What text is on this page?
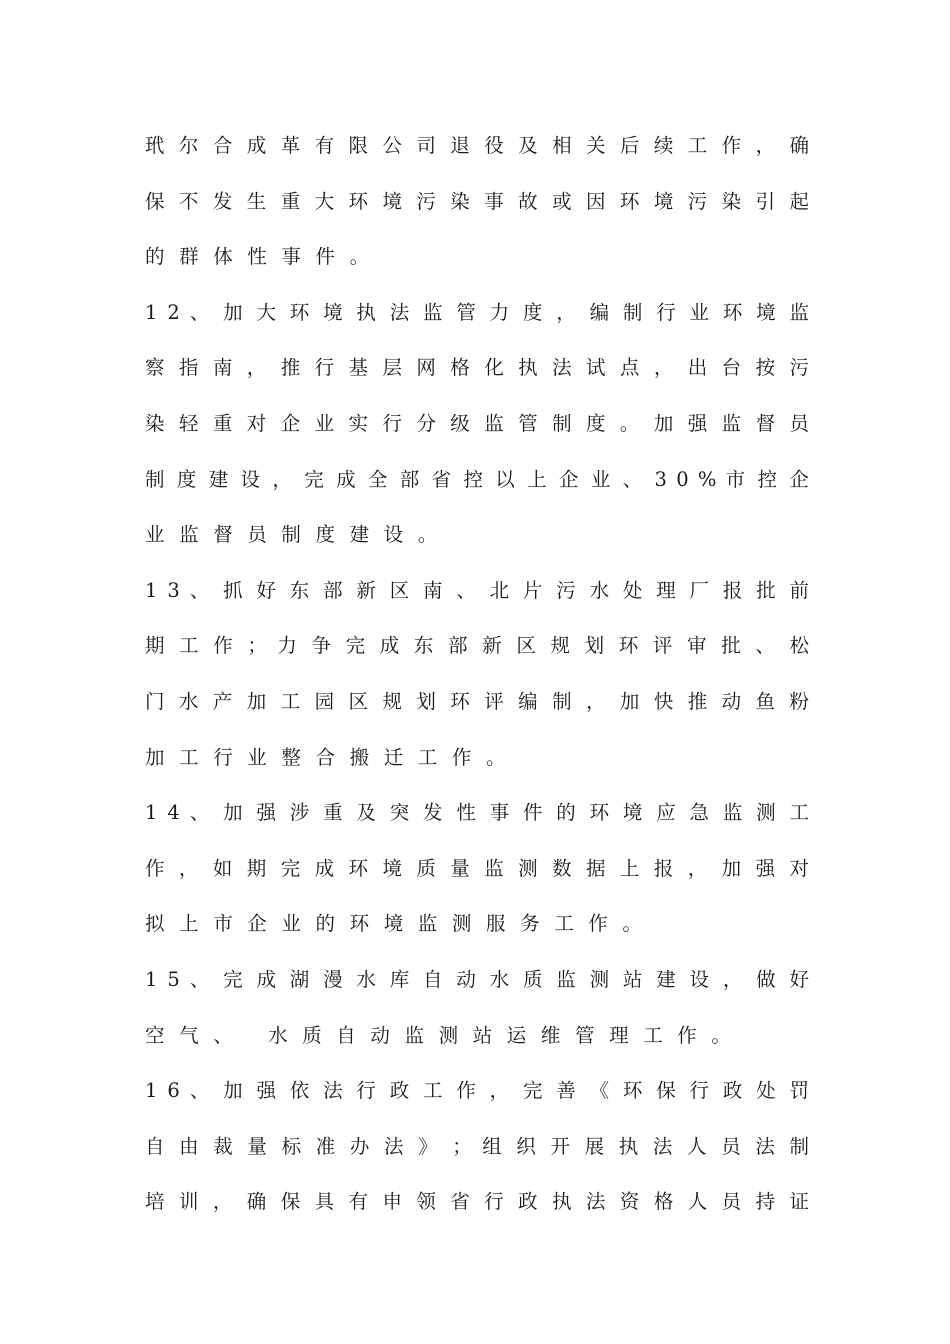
玳 尔 合 成 革 有 限 公 司 退 役 及 相 关 后 续 工 作 ， 确
保 不 发 生 重 大 环 境 污 染 事 故 或 因 环 境 污 染 引 起
的群体性事件。
1 2 、 加 大 环 境 执 法 监 管 力 度 ， 编 制 行 业 环 境 监
察 指 南 ， 推 行 基 层 网 格 化 执 法 试 点 ， 出 台 按 污
染 轻 重 对 企 业 实 行 分 级 监 管 制 度 。 加 强 监 督 员
制 度 建 设 ， 完 成 全 部 省 控 以 上 企 业 、 3 0 % 市 控 企
业监督员制度建设。
1 3 、 抓 好 东 部 新 区 南 、 北 片 污 水 处 理 厂 报 批 前
期 工 作 ； 力 争 完 成 东 部 新 区 规 划 环 评 审 批 、 松
门 水 产 加 工 园 区 规 划 环 评 编 制 ， 加 快 推 动 鱼 粉
加工行业整合搬迁工作。
1 4 、 加 强 涉 重 及 突 发 性 事 件 的 环 境 应 急 监 测 工
作 ， 如 期 完 成 环 境 质 量 监 测 数 据 上 报 ， 加 强 对
拟上市企业的环境监测服务工作。
1 5 、 完 成 湖 漫 水 库 自 动 水 质 监 测 站 建 设 ， 做 好
空气、 水质自动监测站运维管理工作。
1 6 、 加 强 依 法 行 政 工 作 ， 完 善 《 环 保 行 政 处 罚
自 由 裁 量 标 准 办 法 》 ； 组 织 开 展 执 法 人 员 法 制
培 训 ， 确 保 具 有 申 领 省 行 政 执 法 资 格 人 员 持 证
